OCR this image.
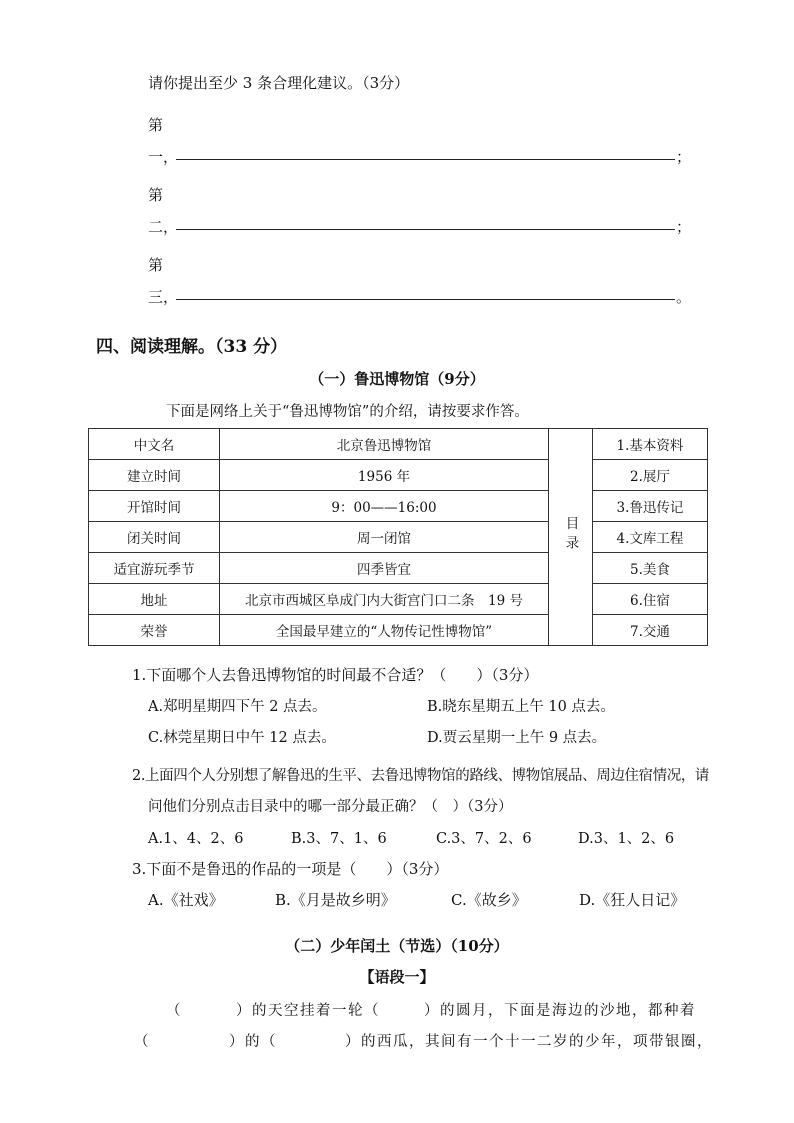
请你提出至少 3 条合理化建议。（3分）
第
一，	；
第
二，	；
第
三，	。
四、阅读理解。（33 分）
（一）鲁迅博物馆（9分）
下面是网络上关于“鲁迅博物馆”的介绍，请按要求作答。
中文名	北京鲁迅博物馆	目录	1.基本资料
建立时间	1956 年		2.展厅
开馆时间	9：00——16:00		3.鲁迅传记
闭关时间	周一闭馆		4.文库工程
适宜游玩季节	四季皆宜		5.美食
地址	北京市西城区阜成门内大街宫门口二条　19 号		6.住宿
荣誉	全国最早建立的“人物传记性博物馆”		7.交通
1.下面哪个人去鲁迅博物馆的时间最不合适？（　　）（3分）
A.郑明星期四下午 2 点去。	B.晓东星期五上午 10 点去。
C.林莞星期日中午 12 点去。	D.贾云星期一上午 9 点去。
2.上面四个人分别想了解鲁迅的生平、去鲁迅博物馆的路线、博物馆展品、周边住宿情况，请
问他们分别点击目录中的哪一部分最正确？（　）（3分）
A.1、4、2、6	B.3、7、1、6	C.3、7、2、6	D.3、1、2、6
3.下面不是鲁迅的作品的一项是（　　）（3分）
A.《社戏》	B.《月是故乡明》	C.《故乡》	D.《狂人日记》
（二）少年闰土（节选）（10分）
【语段一】
（	）的天空挂着一轮（	）的圆月，下面是海边的沙地，都种着
（	）的（	）的西瓜，其间有一个十一二岁的少年，项带银圈，
